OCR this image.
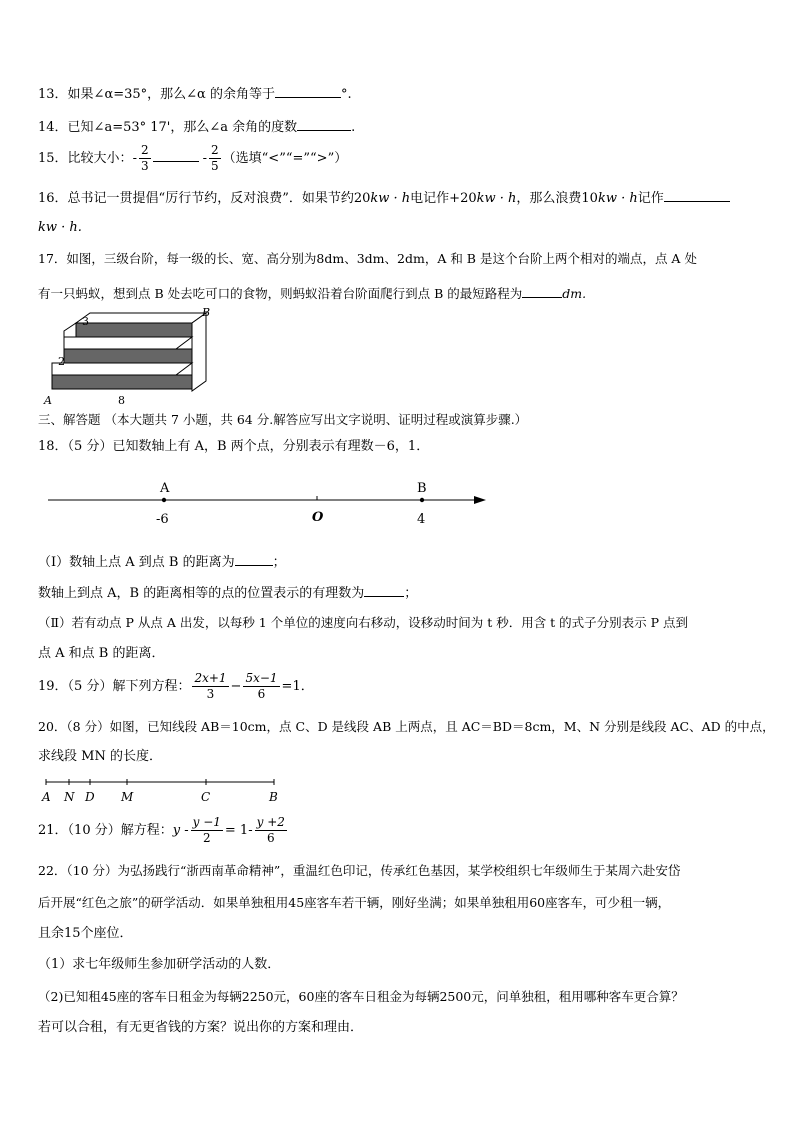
13．如果∠α=35°，那么∠α 的余角等于	°.
14．已知∠a=53° 17'，那么∠a 余角的度数	.
15．比较大小：- $\frac{2}{3}$	- $\frac{2}{5}$ （选填“<”“=”“>”）
16．总书记一贯提倡“厉行节约，反对浪费”．如果节约20kw · h电记作+20kw · h，那么浪费10kw · h记作
kw · h.
17．如图，三级台阶，每一级的长、宽、高分别为8dm、3dm、2dm，A 和 B 是这个台阶上两个相对的端点，点 A 处
有一只蚂蚁，想到点 B 处去吃可口的食物，则蚂蚁沿着台阶面爬行到点 B 的最短路程为	dm.
3
2
8
A
B
三、解答题 （本大题共 7 小题，共 64 分.解答应写出文字说明、证明过程或演算步骤.）
18．（5 分）已知数轴上有 A，B 两个点，分别表示有理数－6，1．
A	B
-6	O	4
（Ⅰ）数轴上点 A 到点 B 的距离为	；
数轴上到点 A，B 的距离相等的点的位置表示的有理数为	；
（Ⅱ）若有动点 P 从点 A 出发，以每秒 1 个单位的速度向右移动，设移动时间为 t 秒．用含 t 的式子分别表示 P 点到
点 A 和点 B 的距离．
19．（5 分）解下列方程： $\frac{2x+1}{3} - \frac{5x-1}{6} =1$．
20．（8 分）如图，已知线段 AB＝10cm，点 C、D 是线段 AB 上两点，且 AC＝BD＝8cm，M、N 分别是线段 AC、AD 的中点，
求线段 MN 的长度．
A N D M	C	B
21．（10 分）解方程：$y - \frac{y -1}{2} = 1- \frac{y +2}{6}$
22．（10 分）为弘扬践行“浙西南革命精神”，重温红色印记，传承红色基因，某学校组织七年级师生于某周六赴安岱
后开展“红色之旅”的研学活动．如果单独租用45座客车若干辆，刚好坐满；如果单独租用60座客车，可少租一辆，
且余15个座位．
（1）求七年级师生参加研学活动的人数．
（2)已知租45座的客车日租金为每辆2250元，60座的客车日租金为每辆2500元，问单独租，租用哪种客车更合算？
若可以合租，有无更省钱的方案？说出你的方案和理由．
